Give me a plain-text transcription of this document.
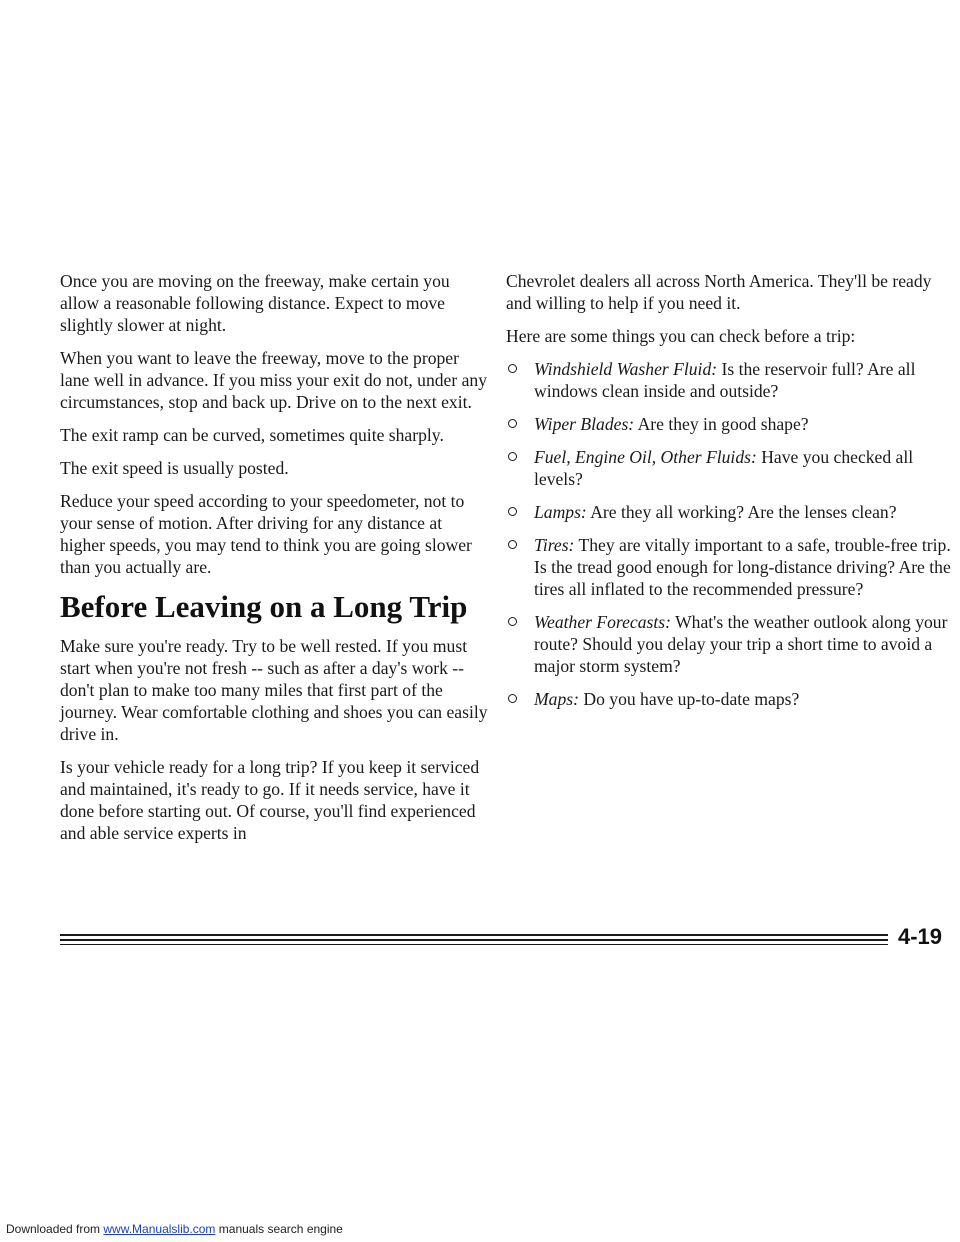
Once you are moving on the freeway, make certain you allow a reasonable following distance. Expect to move slightly slower at night.

When you want to leave the freeway, move to the proper lane well in advance. If you miss your exit do not, under any circumstances, stop and back up. Drive on to the next exit.

The exit ramp can be curved, sometimes quite sharply.

The exit speed is usually posted.

Reduce your speed according to your speedometer, not to your sense of motion. After driving for any distance at higher speeds, you may tend to think you are going slower than you actually are.

Before Leaving on a Long Trip

Make sure you're ready. Try to be well rested. If you must start when you're not fresh -- such as after a day's work -- don't plan to make too many miles that first part of the journey. Wear comfortable clothing and shoes you can easily drive in.

Is your vehicle ready for a long trip? If you keep it serviced and maintained, it's ready to go. If it needs service, have it done before starting out. Of course, you'll find experienced and able service experts in

Chevrolet dealers all across North America. They'll be ready and willing to help if you need it.

Here are some things you can check before a trip:

Windshield Washer Fluid: Is the reservoir full? Are all windows clean inside and outside?
Wiper Blades: Are they in good shape?
Fuel, Engine Oil, Other Fluids: Have you checked all levels?
Lamps: Are they all working? Are the lenses clean?
Tires: They are vitally important to a safe, trouble-free trip. Is the tread good enough for long-distance driving? Are the tires all inflated to the recommended pressure?
Weather Forecasts: What's the weather outlook along your route? Should you delay your trip a short time to avoid a major storm system?
Maps: Do you have up-to-date maps?
4-19
Downloaded from www.Manualslib.com manuals search engine
